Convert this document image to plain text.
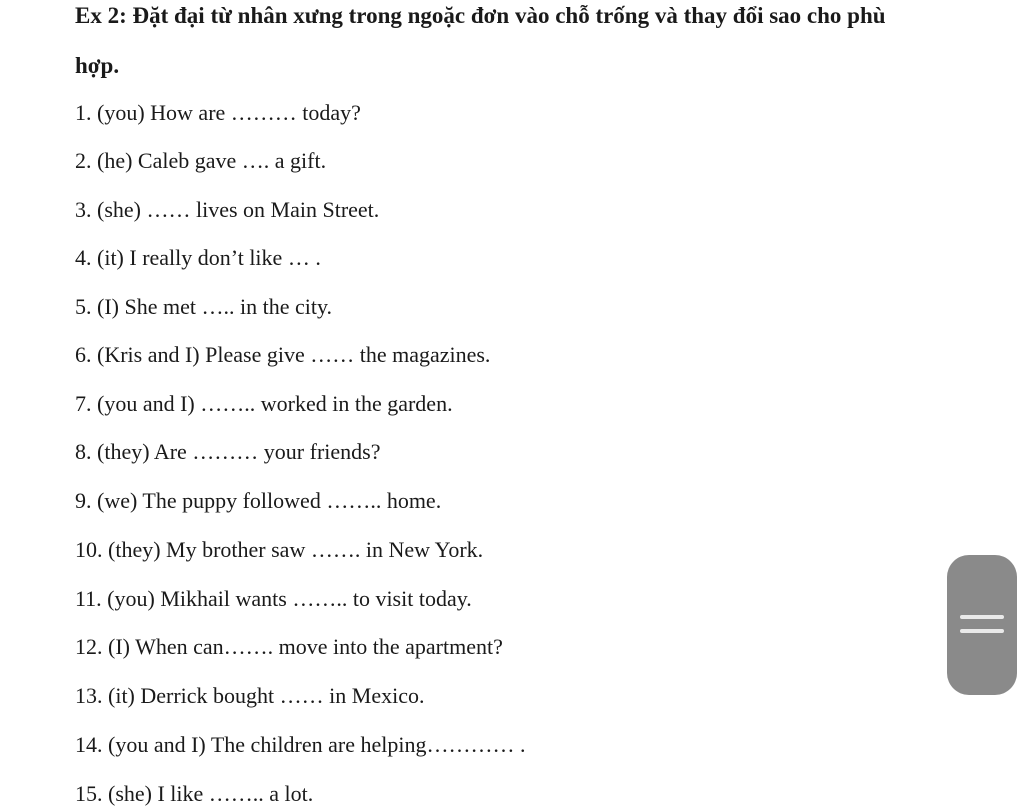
Ex 2: Đặt đại từ nhân xưng trong ngoặc đơn vào chỗ trống và thay đổi sao cho phù
hợp.
1. (you) How are ……… today?
2. (he) Caleb gave …. a gift.
3. (she) …… lives on Main Street.
4. (it) I really don’t like … .
5. (I) She met ….. in the city.
6. (Kris and I) Please give …… the magazines.
7. (you and I) …….. worked in the garden.
8. (they) Are ……… your friends?
9. (we) The puppy followed …….. home.
10. (they) My brother saw ……. in New York.
11. (you) Mikhail wants …….. to visit today.
12. (I) When can……. move into the apartment?
13. (it) Derrick bought …… in Mexico.
14. (you and I) The children are helping………… .
15. (she) I like …….. a lot.
